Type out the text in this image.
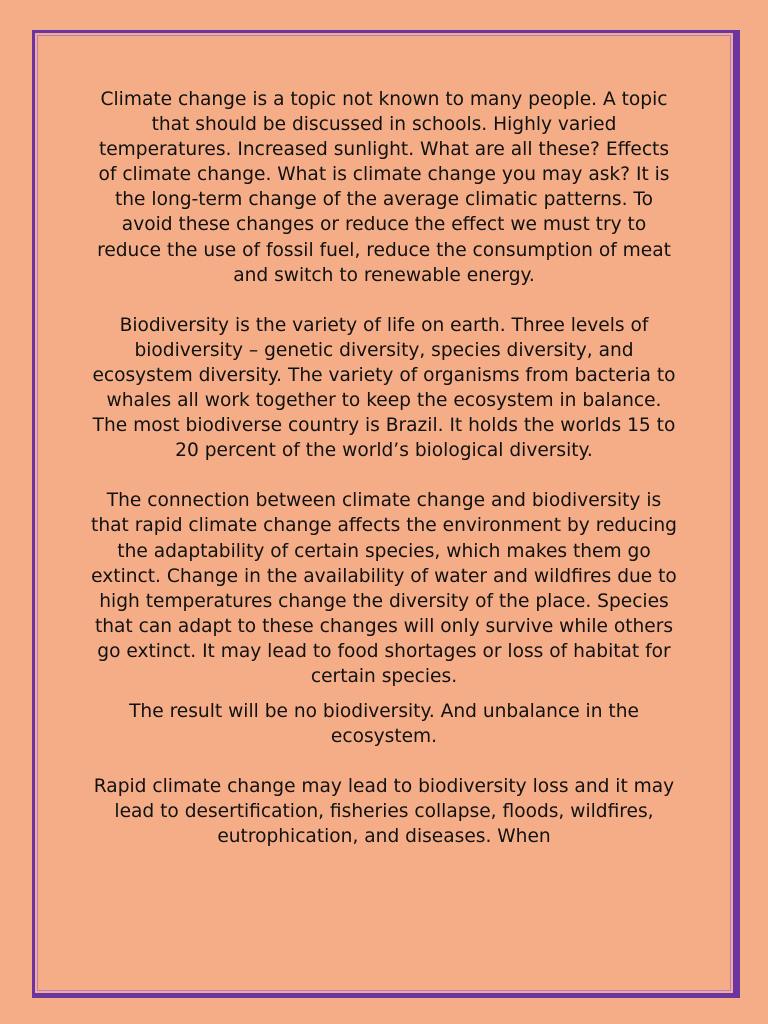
Climate change is a topic not known to many people. A topic that should be discussed in schools. Highly varied temperatures. Increased sunlight. What are all these? Effects of climate change. What is climate change you may ask? It is the long-term change of the average climatic patterns. To avoid these changes or reduce the effect we must try to reduce the use of fossil fuel, reduce the consumption of meat and switch to renewable energy.

Biodiversity is the variety of life on earth. Three levels of biodiversity – genetic diversity, species diversity, and ecosystem diversity. The variety of organisms from bacteria to whales all work together to keep the ecosystem in balance. The most biodiverse country is Brazil. It holds the worlds 15 to 20 percent of the world’s biological diversity.

The connection between climate change and biodiversity is that rapid climate change affects the environment by reducing the adaptability of certain species, which makes them go extinct. Change in the availability of water and wildfires due to high temperatures change the diversity of the place. Species that can adapt to these changes will only survive while others go extinct. It may lead to food shortages or loss of habitat for certain species.

The result will be no biodiversity. And unbalance in the ecosystem.

Rapid climate change may lead to biodiversity loss and it may lead to desertification, fisheries collapse, floods, wildfires, eutrophication, and diseases. When
